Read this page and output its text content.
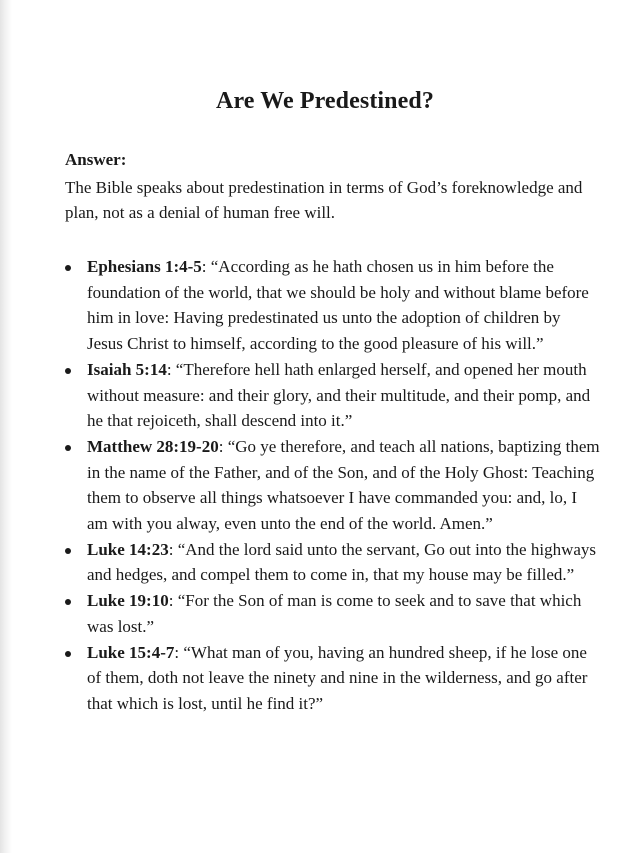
Are We Predestined?
Answer:
The Bible speaks about predestination in terms of God’s foreknowledge and plan, not as a denial of human free will.
Ephesians 1:4-5: “According as he hath chosen us in him before the foundation of the world, that we should be holy and without blame before him in love: Having predestinated us unto the adoption of children by Jesus Christ to himself, according to the good pleasure of his will.”
Isaiah 5:14: “Therefore hell hath enlarged herself, and opened her mouth without measure: and their glory, and their multitude, and their pomp, and he that rejoiceth, shall descend into it.”
Matthew 28:19-20: “Go ye therefore, and teach all nations, baptizing them in the name of the Father, and of the Son, and of the Holy Ghost: Teaching them to observe all things whatsoever I have commanded you: and, lo, I am with you alway, even unto the end of the world. Amen.”
Luke 14:23: “And the lord said unto the servant, Go out into the highways and hedges, and compel them to come in, that my house may be filled.”
Luke 19:10: “For the Son of man is come to seek and to save that which was lost.”
Luke 15:4-7: “What man of you, having an hundred sheep, if he lose one of them, doth not leave the ninety and nine in the wilderness, and go after that which is lost, until he find it?”
